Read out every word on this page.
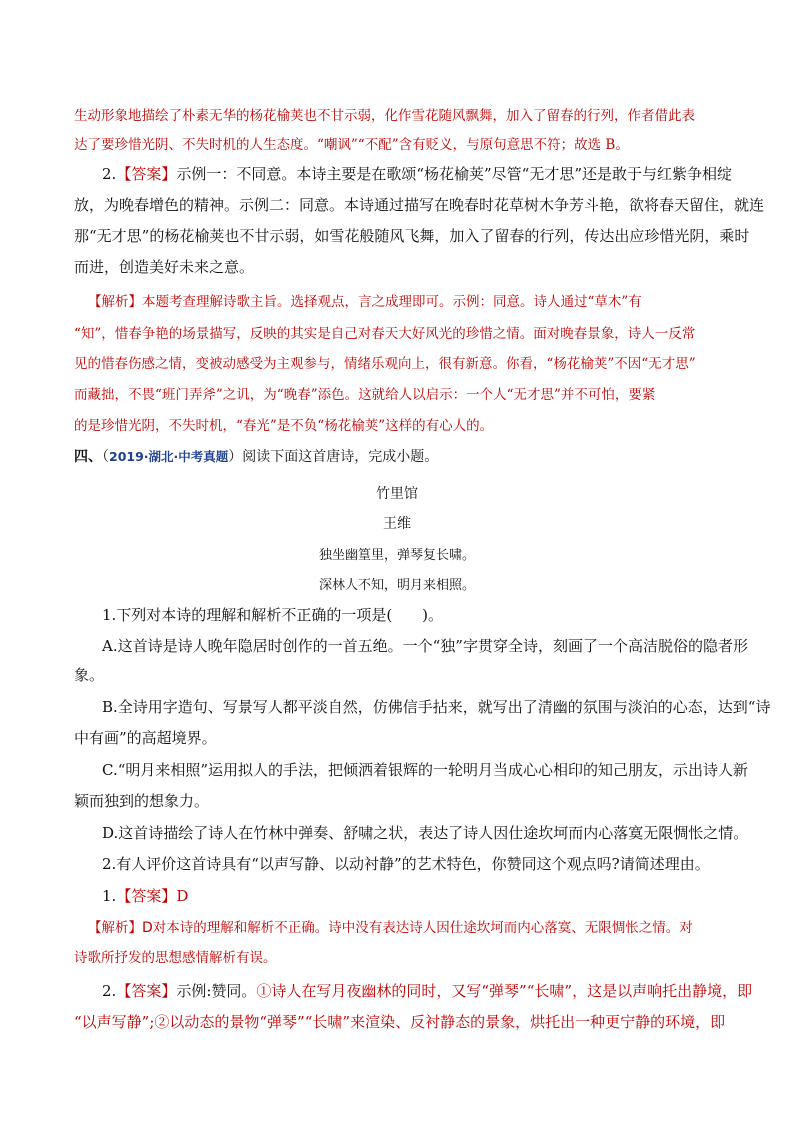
生动形象地描绘了朴素无华的杨花榆荚也不甘示弱，化作雪花随风飘舞，加入了留春的行列，作者借此表
达了要珍惜光阴、不失时机的人生态度。“嘲讽”“不配”含有贬义，与原句意思不符；故选 B。
2.【答案】示例一：不同意。本诗主要是在歌颂“杨花榆荚”尽管“无才思”还是敢于与红紫争相绽
放，为晚春增色的精神。示例二：同意。本诗通过描写在晚春时花草树木争芳斗艳，欲将春天留住，就连
那“无才思”的杨花榆荚也不甘示弱，如雪花般随风飞舞，加入了留春的行列，传达出应珍惜光阴，乘时
而进，创造美好未来之意。
【解析】本题考查理解诗歌主旨。选择观点，言之成理即可。示例：同意。诗人通过“草木”有
“知”，惜春争艳的场景描写，反映的其实是自己对春天大好风光的珍惜之情。面对晚春景象，诗人一反常
见的惜春伤感之情，变被动感受为主观参与，情绪乐观向上，很有新意。你看，“杨花榆荚”不因“无才思”
而藏拙，不畏“班门弄斧”之讥，为“晚春”添色。这就给人以启示：一个人“无才思”并不可怕，要紧
的是珍惜光阴，不失时机，“春光”是不负“杨花榆荚”这样的有心人的。
四、（2019·湖北·中考真题）阅读下面这首唐诗，完成小题。
竹里馆
王维
独坐幽篁里，弹琴复长啸。
深林人不知，明月来相照。
1.下列对本诗的理解和解析不正确的一项是(　　)。
A.这首诗是诗人晚年隐居时创作的一首五绝。一个“独”字贯穿全诗，刻画了一个高洁脱俗的隐者形
象。
B.全诗用字造句、写景写人都平淡自然，仿佛信手拈来，就写出了清幽的氛围与淡泊的心态，达到“诗
中有画”的高超境界。
C.“明月来相照”运用拟人的手法，把倾洒着银辉的一轮明月当成心心相印的知己朋友，示出诗人新
颖而独到的想象力。
D.这首诗描绘了诗人在竹林中弹奏、舒啸之状，表达了诗人因仕途坎坷而内心落寞无限惆怅之情。
2.有人评价这首诗具有“以声写静、以动衬静”的艺术特色，你赞同这个观点吗?请简述理由。
1.【答案】D
【解析】D对本诗的理解和解析不正确。诗中没有表达诗人因仕途坎坷而内心落寞、无限惆怅之情。对
诗歌所抒发的思想感情解析有误。
2.【答案】示例:赞同。①诗人在写月夜幽林的同时，又写“弹琴”“长啸”，这是以声响托出静境，即
“以声写静”;②以动态的景物“弹琴”“长啸”来渲染、反衬静态的景象，烘托出一种更宁静的环境，即
